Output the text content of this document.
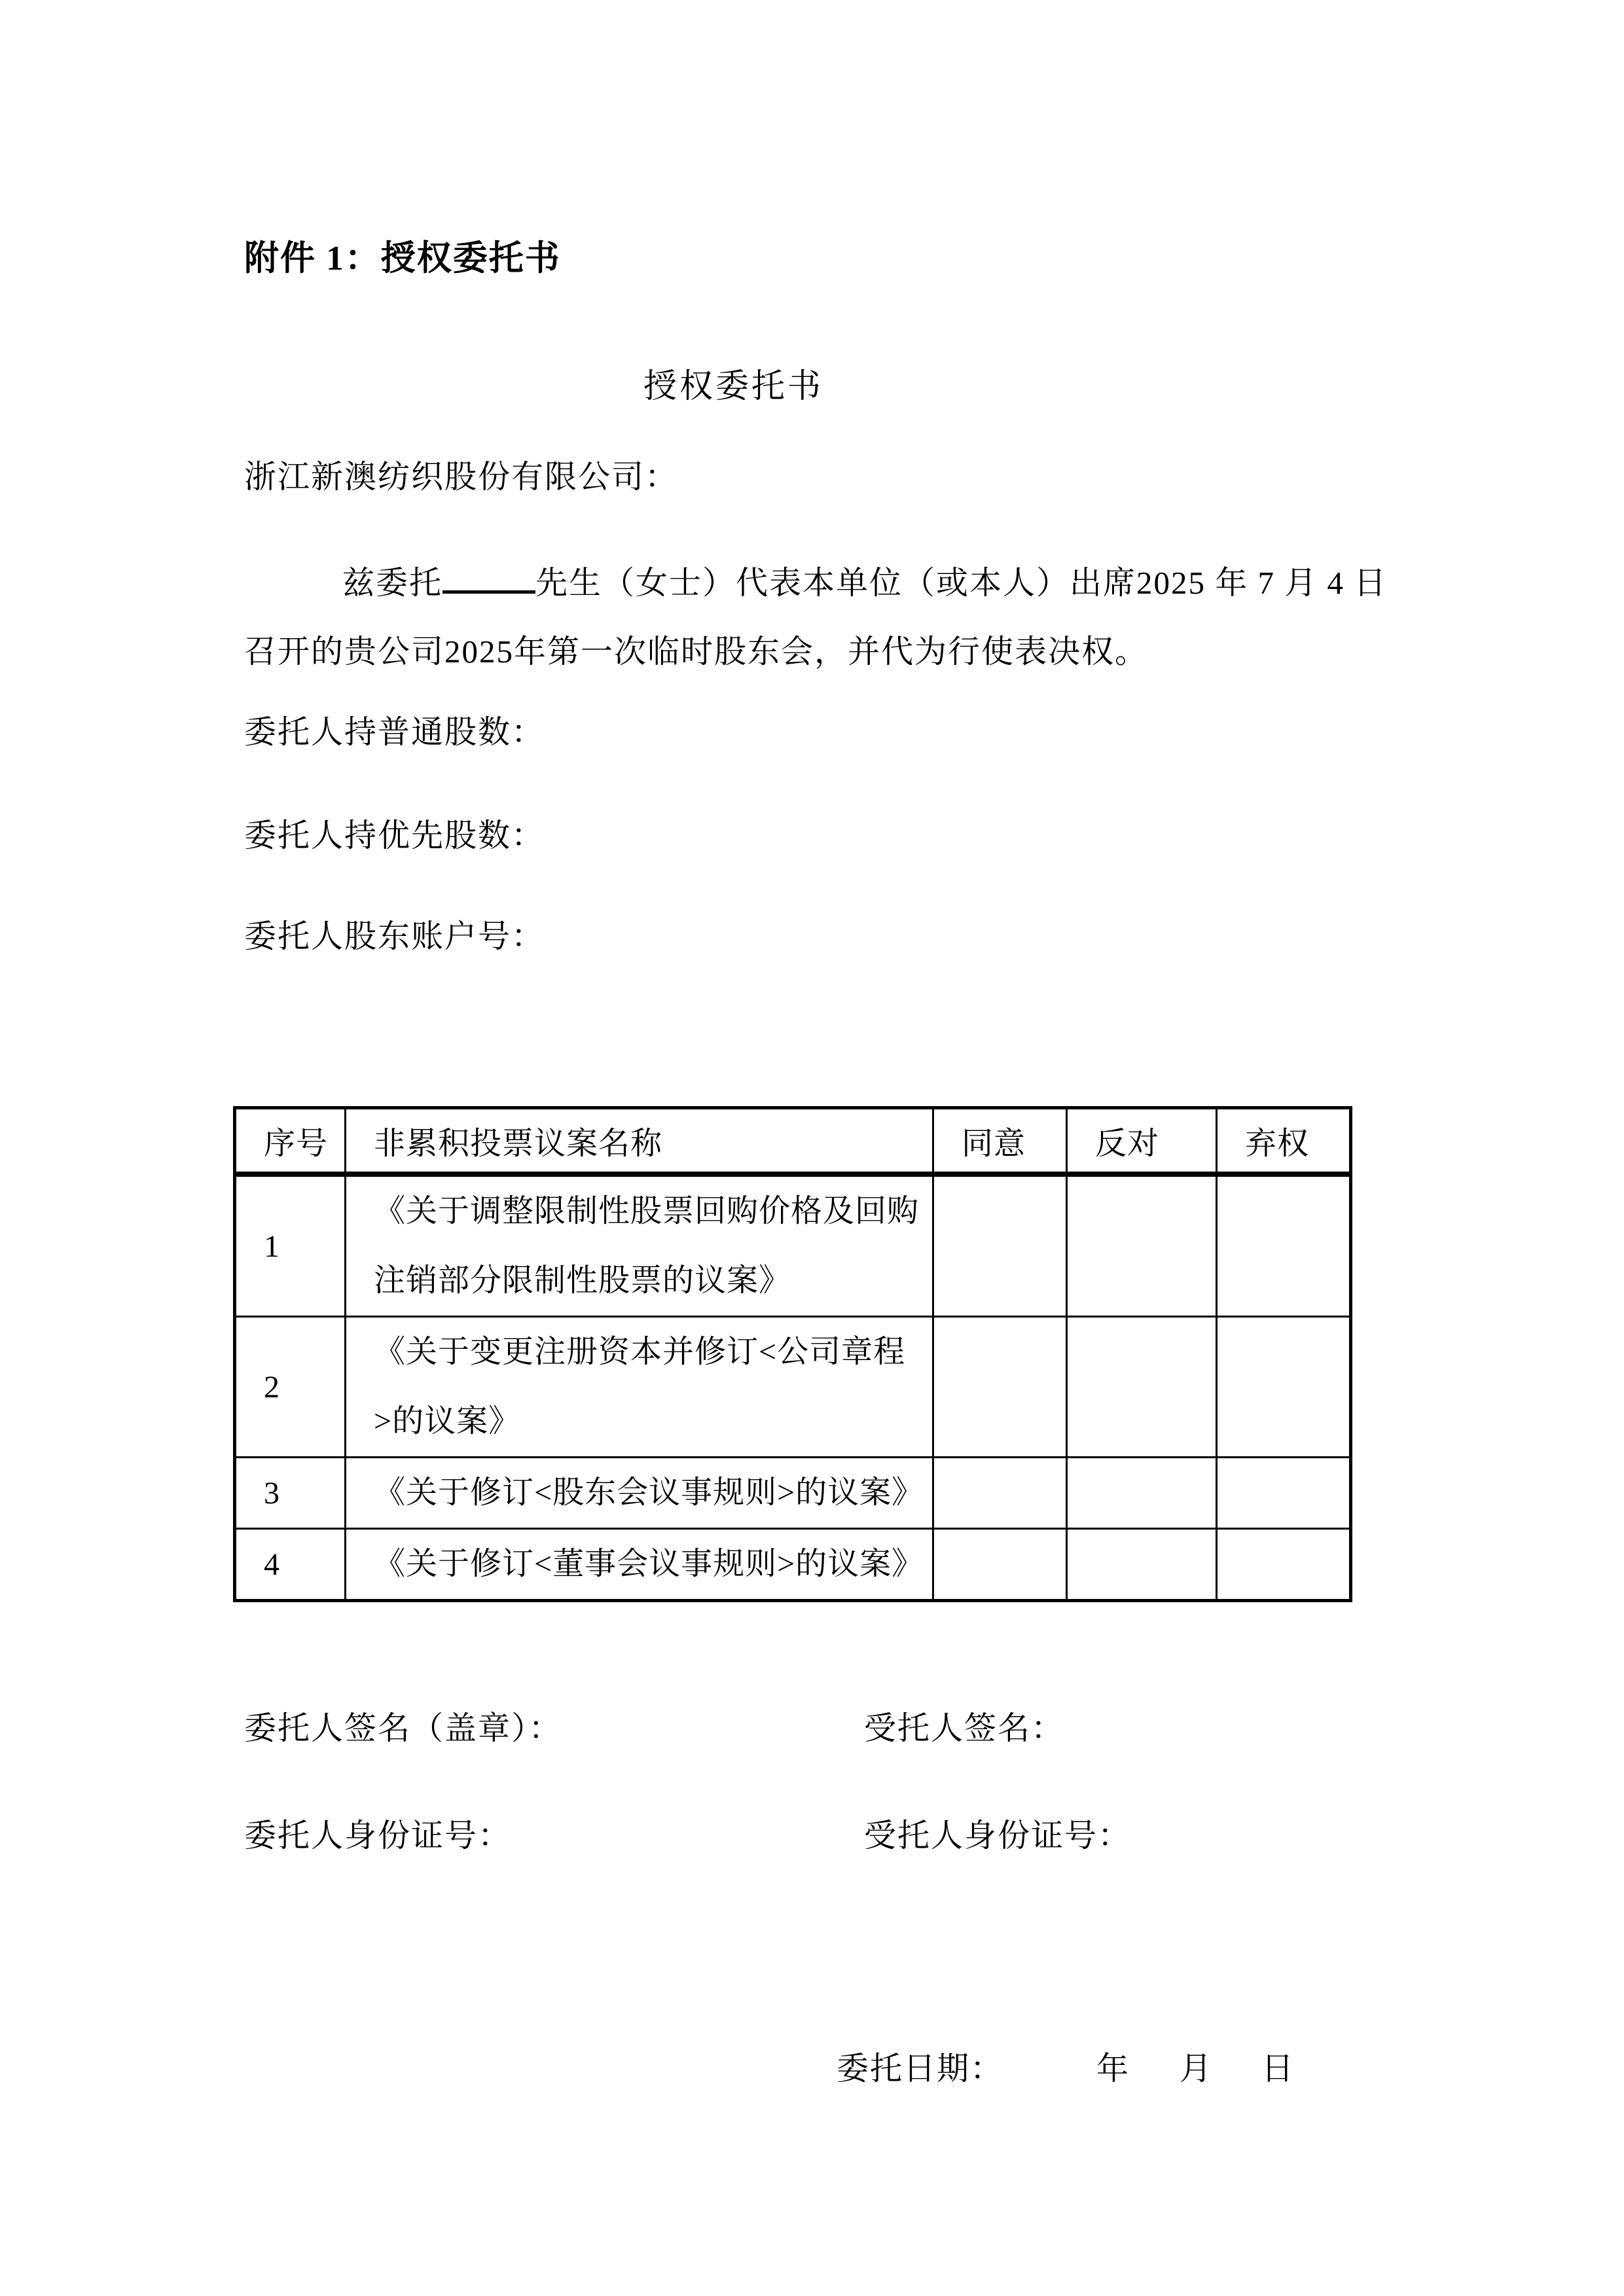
附件 1：授权委托书
授权委托书
浙江新澳纺织股份有限公司：
兹委托	先生（女士）代表本单位（或本人）出席2025 年 7 月 4 日
召开的贵公司2025年第一次临时股东会，并代为行使表决权。
委托人持普通股数：
委托人持优先股数：
委托人股东账户号：
序号	非累积投票议案名称	同意	反对	弃权
1	《关于调整限制性股票回购价格及回购注销部分限制性股票的议案》			
2	《关于变更注册资本并修订<公司章程>的议案》			
3	《关于修订<股东会议事规则>的议案》			
4	《关于修订<董事会议事规则>的议案》			
委托人签名（盖章）：	受托人签名：
委托人身份证号：	受托人身份证号：
委托日期：	年 月 日
